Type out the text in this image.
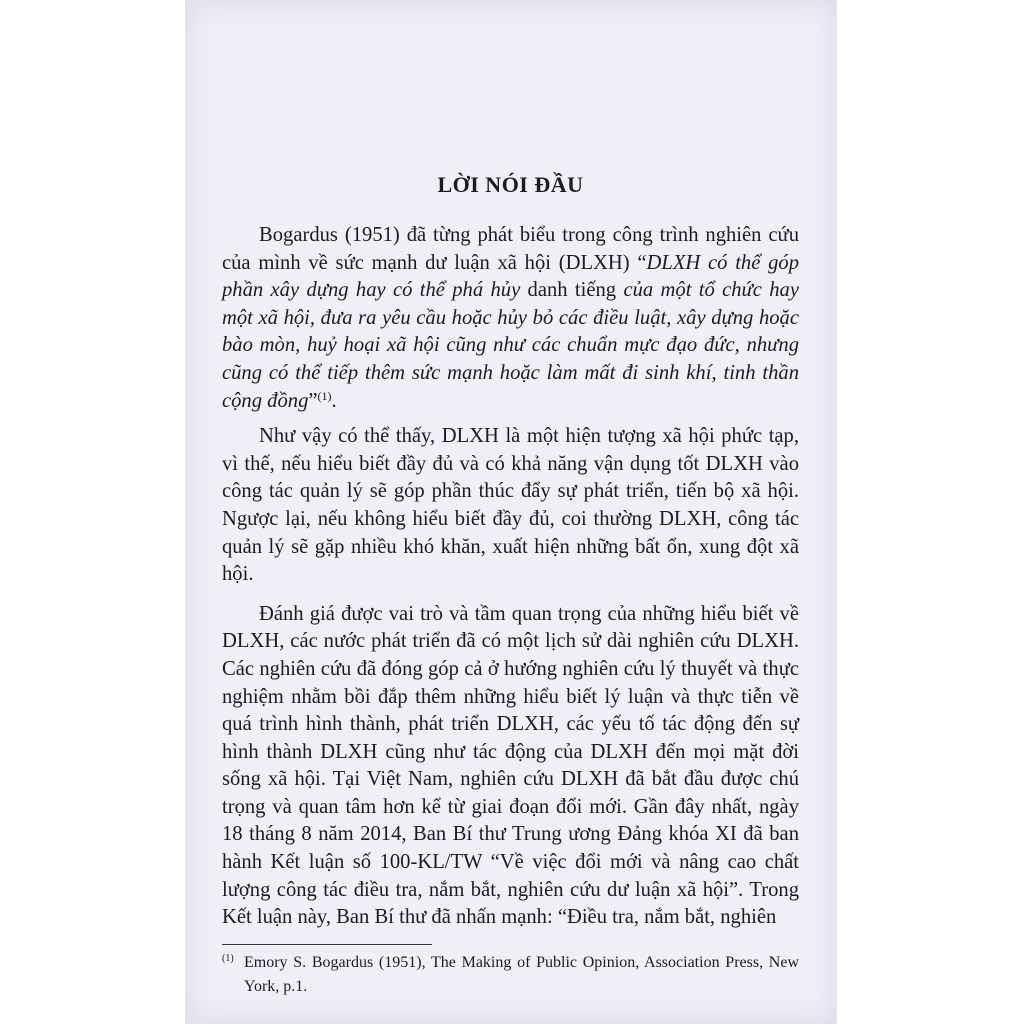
LỜI NÓI ĐẦU

Bogardus (1951) đã từng phát biểu trong công trình nghiên cứu của mình về sức mạnh dư luận xã hội (DLXH) “DLXH có thể góp phần xây dựng hay có thể phá hủy danh tiếng của một tổ chức hay một xã hội, đưa ra yêu cầu hoặc hủy bỏ các điều luật, xây dựng hoặc bào mòn, huỷ hoại xã hội cũng như các chuẩn mực đạo đức, nhưng cũng có thể tiếp thêm sức mạnh hoặc làm mất đi sinh khí, tinh thần cộng đồng”$^{(1)}$.

Như vậy có thể thấy, DLXH là một hiện tượng xã hội phức tạp, vì thế, nếu hiểu biết đầy đủ và có khả năng vận dụng tốt DLXH vào công tác quản lý sẽ góp phần thúc đẩy sự phát triển, tiến bộ xã hội. Ngược lại, nếu không hiểu biết đầy đủ, coi thường DLXH, công tác quản lý sẽ gặp nhiều khó khăn, xuất hiện những bất ổn, xung đột xã hội.

Đánh giá được vai trò và tầm quan trọng của những hiểu biết về DLXH, các nước phát triển đã có một lịch sử dài nghiên cứu DLXH. Các nghiên cứu đã đóng góp cả ở hướng nghiên cứu lý thuyết và thực nghiệm nhằm bồi đắp thêm những hiểu biết lý luận và thực tiễn về quá trình hình thành, phát triển DLXH, các yếu tố tác động đến sự hình thành DLXH cũng như tác động của DLXH đến mọi mặt đời sống xã hội. Tại Việt Nam, nghiên cứu DLXH đã bắt đầu được chú trọng và quan tâm hơn kể từ giai đoạn đổi mới. Gần đây nhất, ngày 18 tháng 8 năm 2014, Ban Bí thư Trung ương Đảng khóa XI đã ban hành Kết luận số 100-KL/TW “Về việc đổi mới và nâng cao chất lượng công tác điều tra, nắm bắt, nghiên cứu dư luận xã hội”. Trong Kết luận này, Ban Bí thư đã nhấn mạnh: “Điều tra, nắm bắt, nghiên

$^{(1)}$ Emory S. Bogardus (1951), The Making of Public Opinion, Association Press, New York, p.1.
